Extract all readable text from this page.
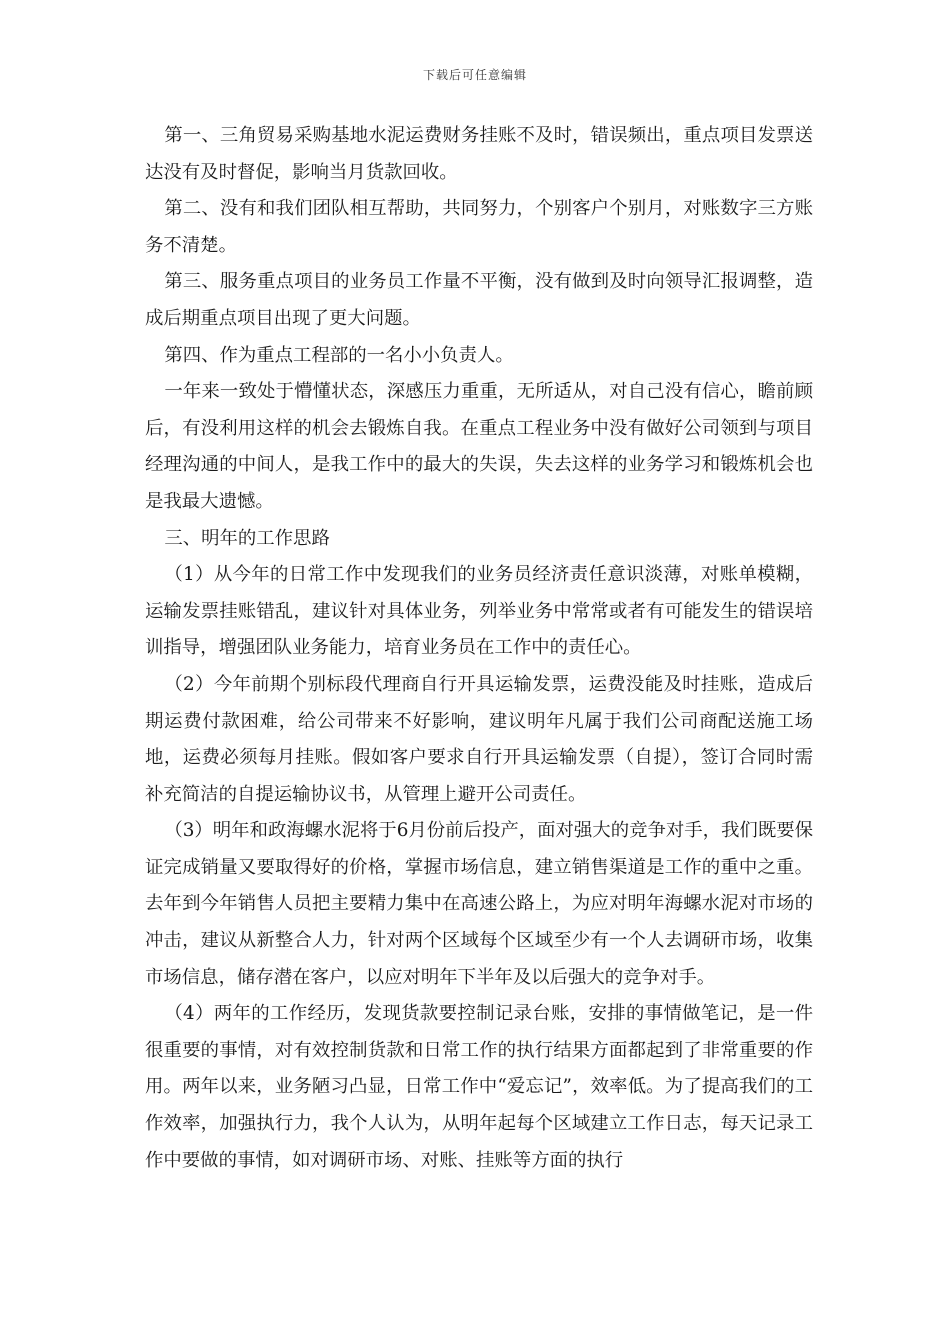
下载后可任意编辑

第一、三角贸易采购基地水泥运费财务挂账不及时，错误频出，重点项目发票送达没有及时督促，影响当月货款回收。

第二、没有和我们团队相互帮助，共同努力，个别客户个别月，对账数字三方账务不清楚。

第三、服务重点项目的业务员工作量不平衡，没有做到及时向领导汇报调整，造成后期重点项目出现了更大问题。

第四、作为重点工程部的一名小小负责人。

一年来一致处于懵懂状态，深感压力重重，无所适从，对自己没有信心，瞻前顾后，有没利用这样的机会去锻炼自我。在重点工程业务中没有做好公司领到与项目经理沟通的中间人，是我工作中的最大的失误，失去这样的业务学习和锻炼机会也是我最大遗憾。

三、明年的工作思路

（1）从今年的日常工作中发现我们的业务员经济责任意识淡薄，对账单模糊，运输发票挂账错乱，建议针对具体业务，列举业务中常常或者有可能发生的错误培训指导，增强团队业务能力，培育业务员在工作中的责任心。

（2）今年前期个别标段代理商自行开具运输发票，运费没能及时挂账，造成后期运费付款困难，给公司带来不好影响，建议明年凡属于我们公司商配送施工场地，运费必须每月挂账。假如客户要求自行开具运输发票（自提），签订合同时需补充简洁的自提运输协议书，从管理上避开公司责任。

（3）明年和政海螺水泥将于6月份前后投产，面对强大的竞争对手，我们既要保证完成销量又要取得好的价格，掌握市场信息，建立销售渠道是工作的重中之重。去年到今年销售人员把主要精力集中在高速公路上，为应对明年海螺水泥对市场的冲击，建议从新整合人力，针对两个区域每个区域至少有一个人去调研市场，收集市场信息，储存潜在客户，以应对明年下半年及以后强大的竞争对手。

（4）两年的工作经历，发现货款要控制记录台账，安排的事情做笔记，是一件很重要的事情，对有效控制货款和日常工作的执行结果方面都起到了非常重要的作用。两年以来，业务陋习凸显，日常工作中“爱忘记”，效率低。为了提高我们的工作效率，加强执行力，我个人认为，从明年起每个区域建立工作日志，每天记录工作中要做的事情，如对调研市场、对账、挂账等方面的执行
